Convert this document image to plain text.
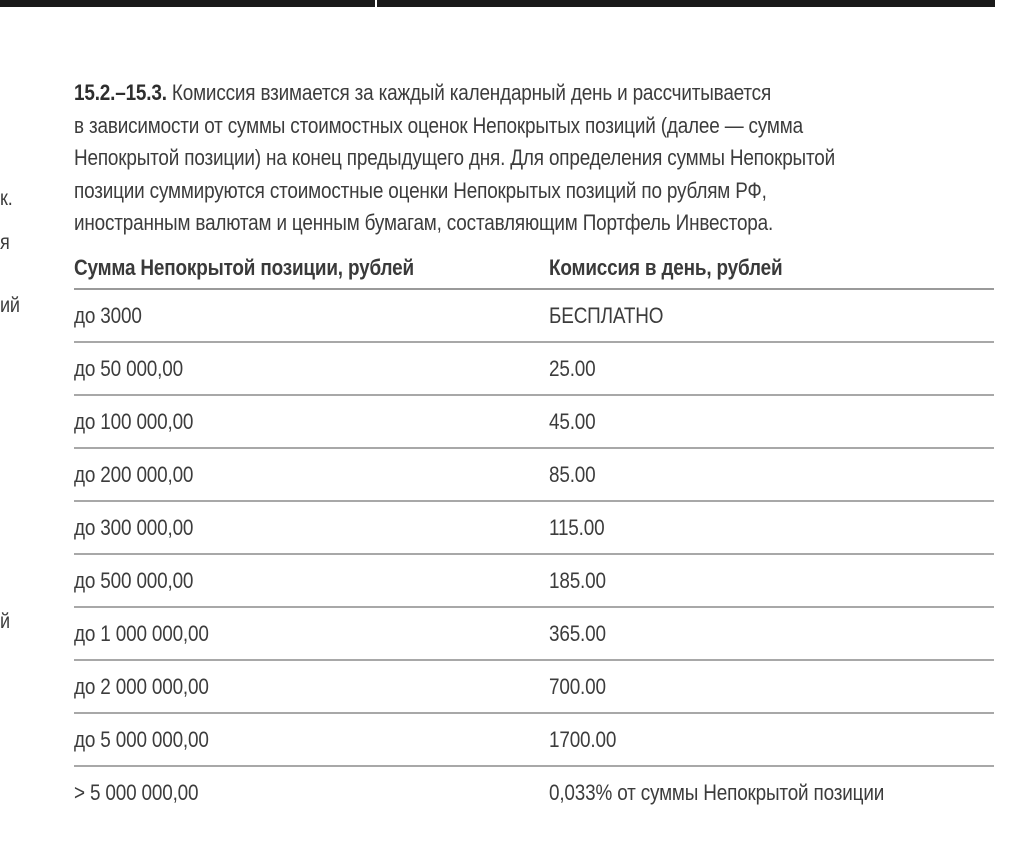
к.
я
ий
й

15.2.–15.3. Комиссия взимается за каждый календарный день и рассчитывается
в зависимости от суммы стоимостных оценок Непокрытых позиций (далее — сумма
Непокрытой позиции) на конец предыдущего дня. Для определения суммы Непокрытой
позиции суммируются стоимостные оценки Непокрытых позиций по рублям РФ,
иностранным валютам и ценным бумагам, составляющим Портфель Инвестора.

Сумма Непокрытой позиции, рублей	Комиссия в день, рублей
до 3000	БЕСПЛАТНО
до 50 000,00	25.00
до 100 000,00	45.00
до 200 000,00	85.00
до 300 000,00	115.00
до 500 000,00	185.00
до 1 000 000,00	365.00
до 2 000 000,00	700.00
до 5 000 000,00	1700.00
> 5 000 000,00	0,033% от суммы Непокрытой позиции
